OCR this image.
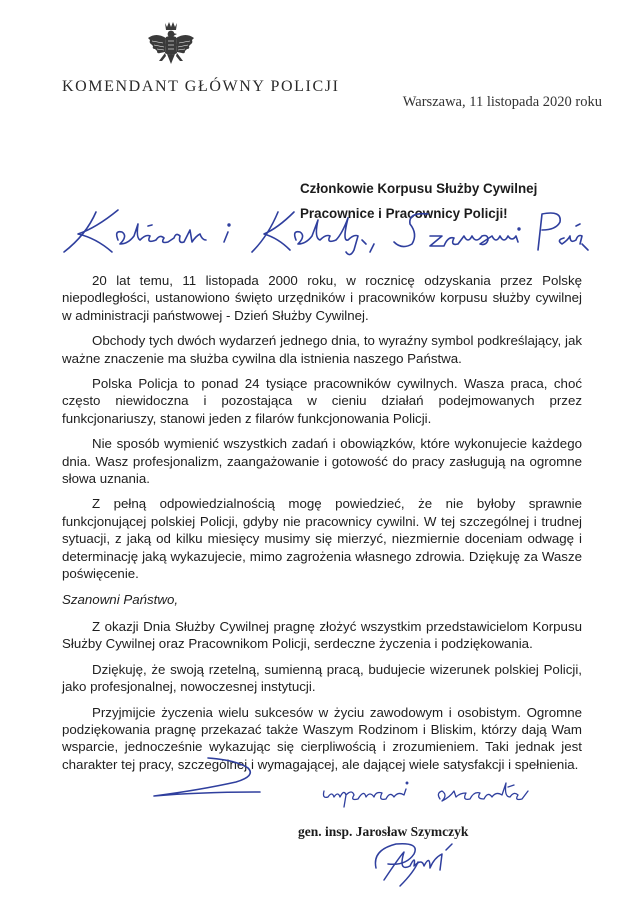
KOMENDANT GŁÓWNY POLICJI
Warszawa, 11 listopada 2020 roku
Członkowie Korpusu Służby Cywilnej
Pracownice i Pracownicy Policji!

20 lat temu, 11 listopada 2000 roku, w rocznicę odzyskania przez Polskę niepodległości, ustanowiono święto urzędników i pracowników korpusu służby cywilnej w administracji państwowej - Dzień Służby Cywilnej.

Obchody tych dwóch wydarzeń jednego dnia, to wyraźny symbol podkreślający, jak ważne znaczenie ma służba cywilna dla istnienia naszego Państwa.

Polska Policja to ponad 24 tysiące pracowników cywilnych. Wasza praca, choć często niewidoczna i pozostająca w cieniu działań podejmowanych przez funkcjonariuszy, stanowi jeden z filarów funkcjonowania Policji.

Nie sposób wymienić wszystkich zadań i obowiązków, które wykonujecie każdego dnia. Wasz profesjonalizm, zaangażowanie i gotowość do pracy zasługują na ogromne słowa uznania.

Z pełną odpowiedzialnością mogę powiedzieć, że nie byłoby sprawnie funkcjonującej polskiej Policji, gdyby nie pracownicy cywilni. W tej szczególnej i trudnej sytuacji, z jaką od kilku miesięcy musimy się mierzyć, niezmiernie doceniam odwagę i determinację jaką wykazujecie, mimo zagrożenia własnego zdrowia. Dziękuję za Wasze poświęcenie.

Szanowni Państwo,

Z okazji Dnia Służby Cywilnej pragnę złożyć wszystkim przedstawicielom Korpusu Służby Cywilnej oraz Pracownikom Policji, serdeczne życzenia i podziękowania.

Dziękuję, że swoją rzetelną, sumienną pracą, budujecie wizerunek polskiej Policji, jako profesjonalnej, nowoczesnej instytucji.

Przyjmijcie życzenia wielu sukcesów w życiu zawodowym i osobistym. Ogromne podziękowania pragnę przekazać także Waszym Rodzinom i Bliskim, którzy dają Wam wsparcie, jednocześnie wykazując się cierpliwością i zrozumieniem. Taki jednak jest charakter tej pracy, szczególnej i wymagającej, ale dającej wiele satysfakcji i spełnienia.

gen. insp. Jarosław Szymczyk
